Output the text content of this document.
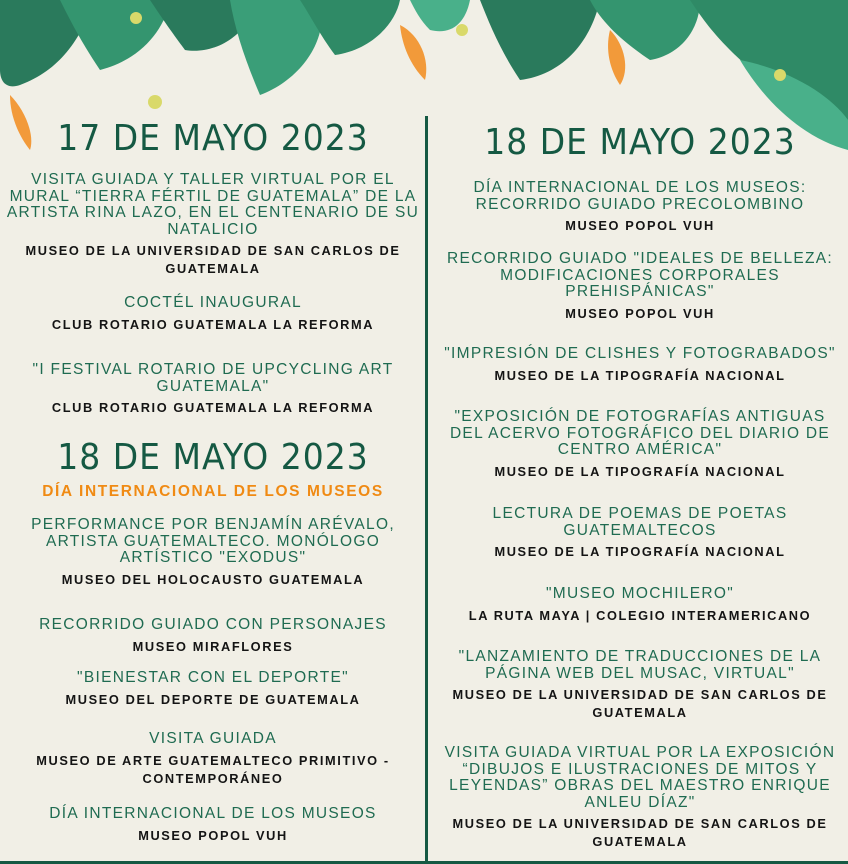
17 DE MAYO 2023
VISITA GUIADA Y TALLER VIRTUAL POR EL MURAL “TIERRA FÉRTIL DE GUATEMALA” DE LA ARTISTA RINA LAZO, EN EL CENTENARIO DE SU NATALICIO
MUSEO DE LA UNIVERSIDAD DE SAN CARLOS DE GUATEMALA
COCTÉL INAUGURAL
CLUB ROTARIO GUATEMALA LA REFORMA
"I FESTIVAL ROTARIO DE UPCYCLING ART GUATEMALA"
CLUB ROTARIO GUATEMALA LA REFORMA
18 DE MAYO 2023
DÍA INTERNACIONAL DE LOS MUSEOS
PERFORMANCE POR BENJAMÍN ARÉVALO, ARTISTA GUATEMALTECO. MONÓLOGO ARTÍSTICO "EXODUS"
MUSEO DEL HOLOCAUSTO GUATEMALA
RECORRIDO GUIADO CON PERSONAJES
MUSEO MIRAFLORES
"BIENESTAR CON EL DEPORTE"
MUSEO DEL DEPORTE DE GUATEMALA
VISITA GUIADA
MUSEO DE ARTE GUATEMALTECO PRIMITIVO - CONTEMPORÁNEO
DÍA INTERNACIONAL DE LOS MUSEOS
MUSEO POPOL VUH
18 DE MAYO 2023
DÍA INTERNACIONAL DE LOS MUSEOS: RECORRIDO GUIADO PRECOLOMBINO
MUSEO POPOL VUH
RECORRIDO GUIADO "IDEALES DE BELLEZA: MODIFICACIONES CORPORALES PREHISPÁNICAS"
MUSEO POPOL VUH
"IMPRESIÓN DE CLISHES Y FOTOGRABADOS"
MUSEO DE LA TIPOGRAFÍA NACIONAL
"EXPOSICIÓN DE FOTOGRAFÍAS ANTIGUAS DEL ACERVO FOTOGRÁFICO DEL DIARIO DE CENTRO AMÉRICA"
MUSEO DE LA TIPOGRAFÍA NACIONAL
LECTURA DE POEMAS DE POETAS GUATEMALTECOS
MUSEO DE LA TIPOGRAFÍA NACIONAL
"MUSEO MOCHILERO"
LA RUTA MAYA | COLEGIO INTERAMERICANO
"LANZAMIENTO DE TRADUCCIONES DE LA PÁGINA WEB DEL MUSAC, VIRTUAL"
MUSEO DE LA UNIVERSIDAD DE SAN CARLOS DE GUATEMALA
VISITA GUIADA VIRTUAL POR LA EXPOSICIÓN “DIBUJOS E ILUSTRACIONES DE MITOS Y LEYENDAS” OBRAS DEL MAESTRO ENRIQUE ANLEU DÍAZ"
MUSEO DE LA UNIVERSIDAD DE SAN CARLOS DE GUATEMALA
